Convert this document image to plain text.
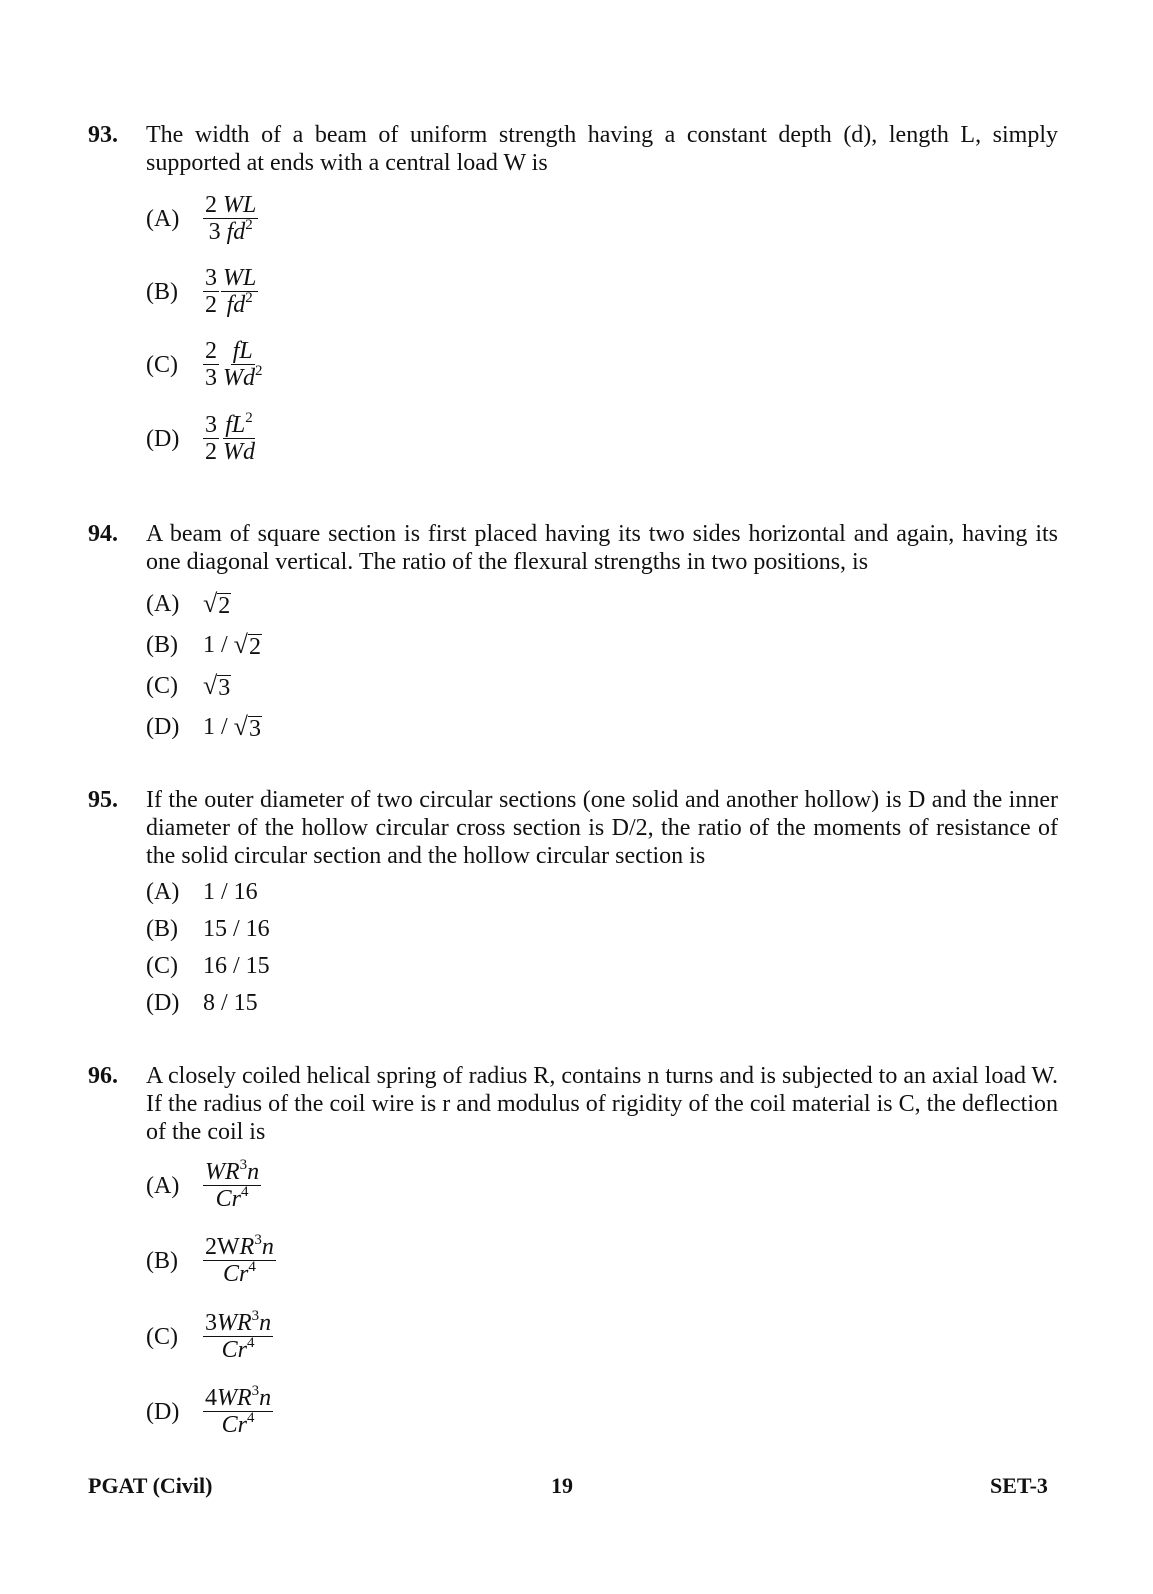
93. The width of a beam of uniform strength having a constant depth (d), length L, simply supported at ends with a central load W is
$(A) \frac{2 WL}{3 fd^2}$
(B)	$\frac{3}{2} \frac{WL}{fd^2}$
(C)	$\frac{2}{3} \frac{fL}{Wd^2}$
$(D) \frac{3}{2} \frac{fL^2}{Wd}$
94. A beam of square section is first placed having its two sides horizontal and again, having its one diagonal vertical. The ratio of the flexural strengths in two positions, is
(A) √ 2
(B)	1 / √ 2
(C) √ 3
(D) 1 / √ 3
95. If the outer diameter of two circular sections (one solid and another hollow) is D and the inner diameter of the hollow circular cross section is D/2, the ratio of the moments of resistance of the solid circular section and the hollow circular section is
(A) 1 / 16
(B)	15 / 16
(C)	16 / 15
(D) 8 / 15
96. A closely coiled helical spring of radius R, contains n turns and is subjected to an axial load W. If the radius of the coil wire is r and modulus of rigidity of the coil material is C, the deflection of the coil is
$(A) \frac{WR^3n}{Cr^4}$
(B)	$\frac{2WR^3n}{Cr^4}$
(C)	$\frac{3WR^3n}{Cr^4}$
$(D) \frac{4WR^3n}{Cr^4}$
PGAT (Civil)	19	SET-3
